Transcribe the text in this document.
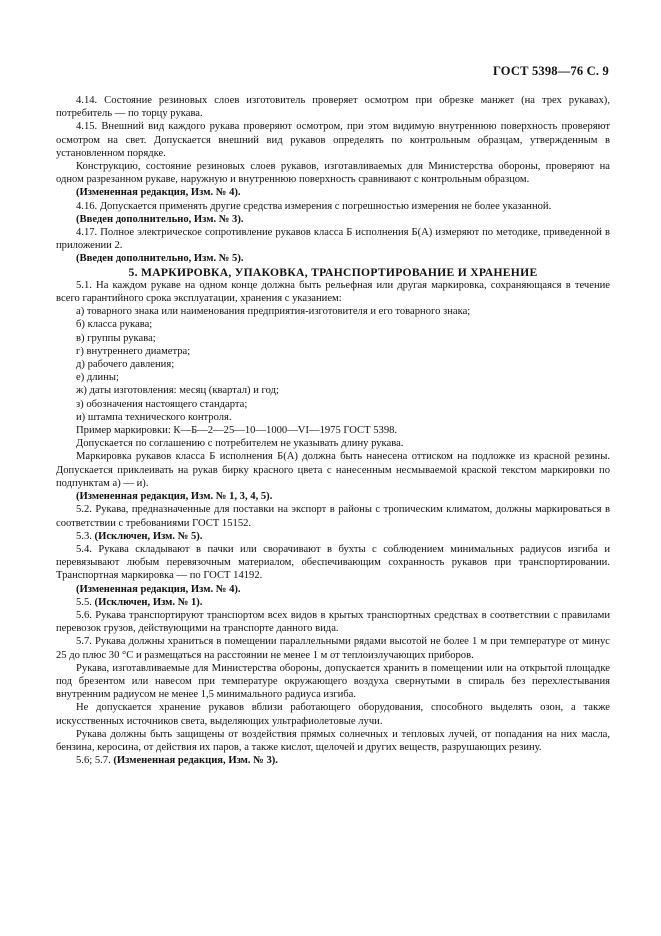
ГОСТ 5398—76 С. 9

4.14. Состояние резиновых слоев изготовитель проверяет осмотром при обрезке манжет (на трех рукавах), потребитель — по торцу рукава.

4.15. Внешний вид каждого рукава проверяют осмотром, при этом видимую внутреннюю поверхность проверяют осмотром на свет. Допускается внешний вид рукавов определять по контрольным образцам, утвержденным в установленном порядке.

Конструкцию, состояние резиновых слоев рукавов, изготавливаемых для Министерства обороны, проверяют на одном разрезанном рукаве, наружную и внутреннюю поверхность сравнивают с контрольным образцом.

(Измененная редакция, Изм. № 4).

4.16. Допускается применять другие средства измерения с погрешностью измерения не более указанной.

(Введен дополнительно, Изм. № 3).

4.17. Полное электрическое сопротивление рукавов класса Б исполнения Б(А) измеряют по методике, приведенной в приложении 2.

(Введен дополнительно, Изм. № 5).

5. МАРКИРОВКА, УПАКОВКА, ТРАНСПОРТИРОВАНИЕ И ХРАНЕНИЕ

5.1. На каждом рукаве на одном конце должна быть рельефная или другая маркировка, сохраняющаяся в течение всего гарантийного срока эксплуатации, хранения с указанием:

а) товарного знака или наименования предприятия-изготовителя и его товарного знака;

б) класса рукава;

в) группы рукава;

г) внутреннего диаметра;

д) рабочего давления;

е) длины;

ж) даты изготовления: месяц (квартал) и год;

з) обозначения настоящего стандарта;

и) штампа технического контроля.

Пример маркировки: К—Б—2—25—10—1000—VI—1975 ГОСТ 5398.

Допускается по соглашению с потребителем не указывать длину рукава.

Маркировка рукавов класса Б исполнения Б(А) должна быть нанесена оттиском на подложке из красной резины. Допускается приклеивать на рукав бирку красного цвета с нанесенным несмываемой краской текстом маркировки по подпунктам а) — и).

(Измененная редакция, Изм. № 1, 3, 4, 5).

5.2. Рукава, предназначенные для поставки на экспорт в районы с тропическим климатом, должны маркироваться в соответствии с требованиями ГОСТ 15152.

5.3. (Исключен, Изм. № 5).

5.4. Рукава складывают в пачки или сворачивают в бухты с соблюдением минимальных радиусов изгиба и перевязывают любым перевязочным материалом, обеспечивающим сохранность рукавов при транспортировании. Транспортная маркировка — по ГОСТ 14192.

(Измененная редакция, Изм. № 4).

5.5. (Исключен, Изм. № 1).

5.6. Рукава транспортируют транспортом всех видов в крытых транспортных средствах в соответствии с правилами перевозок грузов, действующими на транспорте данного вида.

5.7. Рукава должны храниться в помещении параллельными рядами высотой не более 1 м при температуре от минус 25 до плюс 30 °С и размещаться на расстоянии не менее 1 м от теплоизлучающих приборов.

Рукава, изготавливаемые для Министерства обороны, допускается хранить в помещении или на открытой площадке под брезентом или навесом при температуре окружающего воздуха свернутыми в спираль без перехлестывания внутренним радиусом не менее 1,5 минимального радиуса изгиба.

Не допускается хранение рукавов вблизи работающего оборудования, способного выделять озон, а также искусственных источников света, выделяющих ультрафиолетовые лучи.

Рукава должны быть защищены от воздействия прямых солнечных и тепловых лучей, от попадания на них масла, бензина, керосина, от действия их паров, а также кислот, щелочей и других веществ, разрушающих резину.

5.6; 5.7. (Измененная редакция, Изм. № 3).
